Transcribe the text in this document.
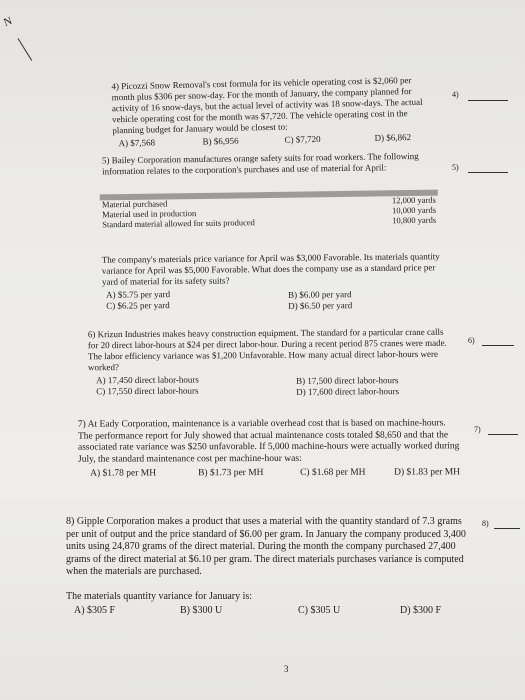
N

4) Picozzi Snow Removal's cost formula for its vehicle operating cost is $2,060 per month plus $306 per snow-day. For the month of January, the company planned for activity of 16 snow-days, but the actual level of activity was 18 snow-days. The actual vehicle operating cost for the month was $7,720. The vehicle operating cost in the planning budget for January would be closest to:

A) $7,568	B) $6,956	C) $7,720	D) $6,862
4)

5) Bailey Corporation manufactures orange safety suits for road workers. The following information relates to the corporation's purchases and use of material for April:	5)
Material purchased	12,000 yards
Material used in production	10,000 yards
Standard material allowed for suits produced	10,800 yards

The company's materials price variance for April was $3,000 Favorable. Its materials quantity variance for April was $5,000 Favorable. What does the company use as a standard price per yard of material for its safety suits?

A) $5.75 per yard	B) $6.00 per yard
C) $6.25 per yard	D) $6.50 per yard

6) Krizun Industries makes heavy construction equipment. The standard for a particular crane calls for 20 direct labor-hours at $24 per direct labor-hour. During a recent period 875 cranes were made. The labor efficiency variance was $1,200 Unfavorable. How many actual direct labor-hours were worked?

A) 17,450 direct labor-hours	B) 17,500 direct labor-hours
C) 17,550 direct labor-hours	D) 17,600 direct labor-hours
6)

7) At Eady Corporation, maintenance is a variable overhead cost that is based on machine-hours. The performance report for July showed that actual maintenance costs totaled $8,650 and that the associated rate variance was $250 unfavorable. If 5,000 machine-hours were actually worked during July, the standard maintenance cost per machine-hour was:

A) $1.78 per MH	B) $1.73 per MH	C) $1.68 per MH	D) $1.83 per MH
7)

8) Gipple Corporation makes a product that uses a material with the quantity standard of 7.3 grams per unit of output and the price standard of $6.00 per gram. In January the company produced 3,400 units using 24,870 grams of the direct material. During the month the company purchased 27,400 grams of the direct material at $6.10 per gram. The direct materials purchases variance is computed when the materials are purchased.

The materials quantity variance for January is:

A) $305 F	B) $300 U	C) $305 U	D) $300 F
8)
3
